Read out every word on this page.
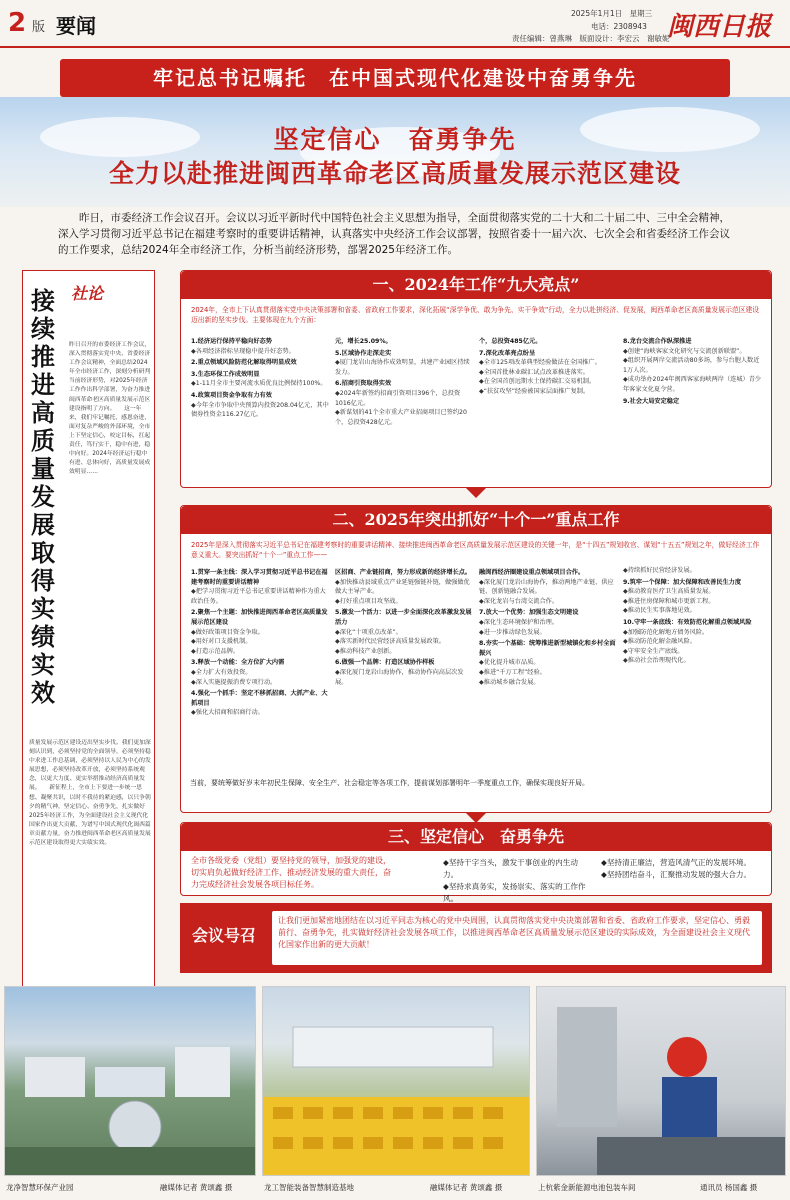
2 版 要闻
2025年1月1日　星期三
电话：2308943
责任编辑：曾燕琳　版面设计：李宏云　谢敏妮
闽西日报
牢记总书记嘱托　在中国式现代化建设中奋勇争先
坚定信心　奋勇争先
全力以赴推进闽西革命老区高质量发展示范区建设
昨日，市委经济工作会议召开。会议以习近平新时代中国特色社会主义思想为指导，全面贯彻落实党的二十大和二十届二中、三中全会精神，深入学习贯彻习近平总书记在福建考察时的重要讲话精神，认真落实中央经济工作会议部署，按照省委十一届六次、七次全会和省委经济工作会议的工作要求，总结2024年全市经济工作，分析当前经济形势，部署2025年经济工作。
社论
接续推进高质量发展取得实绩实效
昨日召开的市委经济工作会议，深入贯彻落实党中央、省委经济工作会议精神，全面总结2024年全市经济工作，深刻分析研判当前经济形势，对2025年经济工作作出科学部署，为奋力推进闽西革命老区高质量发展示范区建设指明了方向。　　这一年来，我们牢记嘱托、感恩奋进，面对复杂严峻的外部环境，全市上下坚定信心，咬定目标，扛起责任，笃行实干，稳中有进，稳中向好。2024年经济运行稳中有进、总体向好，高质量发展成效明显……
质量发展示范区建设迈出坚实步伐。我们更加深刻认识到，必须坚持党的全面领导，必须坚持稳中求进工作总基调，必须坚持以人民为中心的发展思想，必须坚持改革开放，必须坚持系统观念，以更大力度、更实举措推动经济高质量发展。　　新征程上，全市上下要进一步统一思想、凝聚共识，以时不我待的紧迫感，以只争朝夕的精气神，坚定信心、奋勇争先，扎实做好2025年经济工作，为全面建设社会主义现代化国家作出更大贡献，为谱写中国式现代化闽西篇章贡献力量，奋力推进闽西革命老区高质量发展示范区建设取得更大实绩实效。
一、2024年工作“九大亮点”
2024年，全市上下认真贯彻落实党中央决策部署和省委、省政府工作要求，深化拓展“深学争优、敢为争先、实干争效”行动，全力以赴拼经济、促发展，闽西革命老区高质量发展示范区建设迈出新的坚实步伐。主要体现在九个方面：
1.经济运行保持平稳向好态势
◆各项经济指标呈现稳中提升好态势。
2.重点领域风险防范化解取得明显成效
3.生态环保工作成效明显
◆1-11月全市主要河流水质优良比例保持100%。
4.政策项目资金争取有力有效
◆今年全市争取中央预算内投资208.04亿元，其中债券性资金116.27亿元。
元，增长25.09%。
5.区域协作走深走实
◆厦门龙岩山海协作成效明显，共建产业园区持续发力。
6.招商引资取得实效
◆2024年新签约招商引资项目396个，总投资1016亿元。
◆新谋划的41个全市重大产业招商项目已签约20个，总投资428亿元。
个，总投资485亿元。
7.深化改革亮点纷呈
◆全市125项改革典型经验做法在全国推广。
◆全国首批林业碳汇试点改革推进落实。
◆在全国首创远期水土保持碳汇交易机制。
◆“扶贫攻坚”经验被国家层面推广复制。
8.龙台交流合作纵深推进
◆创建“海峡客家文化研究与交流创新联盟”。
◆组织开展两岸交流活动80多场，参与台胞人数近1万人次。
◆成功举办2024年闽西客家海峡两岸（连城）青少年客家文化夏令营。
9.社会大局安定稳定
二、2025年突出抓好“十个一”重点工作
2025年是深入贯彻落实习近平总书记在福建考察时的重要讲话精神、接续推进闽西革命老区高质量发展示范区建设的关键一年，是“十四五”规划收官、谋划“十五五”规划之年，做好经济工作意义重大。要突出抓好“十个一”重点工作——
1.贯穿一条主线：深入学习贯彻习近平总书记在福建考察时的重要讲话精神
◆把学习贯彻习近平总书记重要讲话精神作为重大政治任务。
2.聚焦一个主题：加快推进闽西革命老区高质量发展示范区建设
◆做好政策项目资金争取。
◆用好对口支援机制。
◆打造示范品牌。
3.释放一个动能：全方位扩大内需
◆全力扩大有效投资。
◆深入实施提振消费专项行动。
4.强化一个抓手：坚定不移抓招商、大抓产业、大抓项目
◆强化大招商和招商行动。
区招商、产业链招商，努力形成新的经济增长点。
◆加快推动县域重点产业延链强链补链，做强做优做大主导产业。
◆打好重点项目攻坚战。
5.激发一个活力：以进一步全面深化改革激发发展活力
◆深化“十项重点改革”。
◆落实新时代民营经济高质量发展政策。
◆推动科技产业创新。
6.做强一个品牌：打造区域协作样板
◆深化厦门龙岩山海协作，推动协作向高层次发展。
融闽西经济圈建设重点领域项目合作。
◆深化厦门龙岩山海协作，推动两地产业链、供应链、创新链融合发展。
◆深化龙岩与台湾交流合作。
7.放大一个优势：加强生态文明建设
◆深化生态环境保护和治理。
◆进一步推动绿色发展。
8.夯实一个基础：统筹推进新型城镇化和乡村全面振兴
◆优化提升城市品质。
◆推进“千万工程”经验。
◆推动城乡融合发展。
◆持续抓好民营经济发展。
9.筑牢一个保障：加大保障和改善民生力度
◆推动教育医疗卫生高质量发展。
◆推进住房保障和城市更新工程。
◆推动民生实事落地见效。
10.守牢一条底线：有效防范化解重点领域风险
◆加强防范化解地方债务风险。
◆推动防范化解金融风险。
◆守牢安全生产底线。
◆推动社会治理现代化。
当前，要统筹做好岁末年初民生保障、安全生产、社会稳定等各项工作，提前谋划部署明年一季度重点工作，确保实现良好开局。
三、坚定信心　奋勇争先
全市各级党委（党组）要坚持党的领导，加强党的建设，切实肩负起做好经济工作、推动经济发展的重大责任，奋力完成经济社会发展各项目标任务。
◆坚持干字当头，激发干事创业的内生动力。
◆坚持求真务实，发扬崇实、落实的工作作风。
◆坚持清正廉洁，营造风清气正的发展环境。
◆坚持团结奋斗，汇聚推动发展的强大合力。
会议号召
让我们更加紧密地团结在以习近平同志为核心的党中央周围，认真贯彻落实党中央决策部署和省委、省政府工作要求，坚定信心、勇毅前行、奋勇争先，扎实做好经济社会发展各项工作，以推进闽西革命老区高质量发展示范区建设的实际成效，为全面建设社会主义现代化国家作出新的更大贡献！
龙净智慧环保产业园	融媒体记者 黄颂鑫 摄	龙工智能装备智慧制造基地	融媒体记者 黄颂鑫 摄	上杭紫金新能源电池包装车间	通讯员 杨国鑫 摄
